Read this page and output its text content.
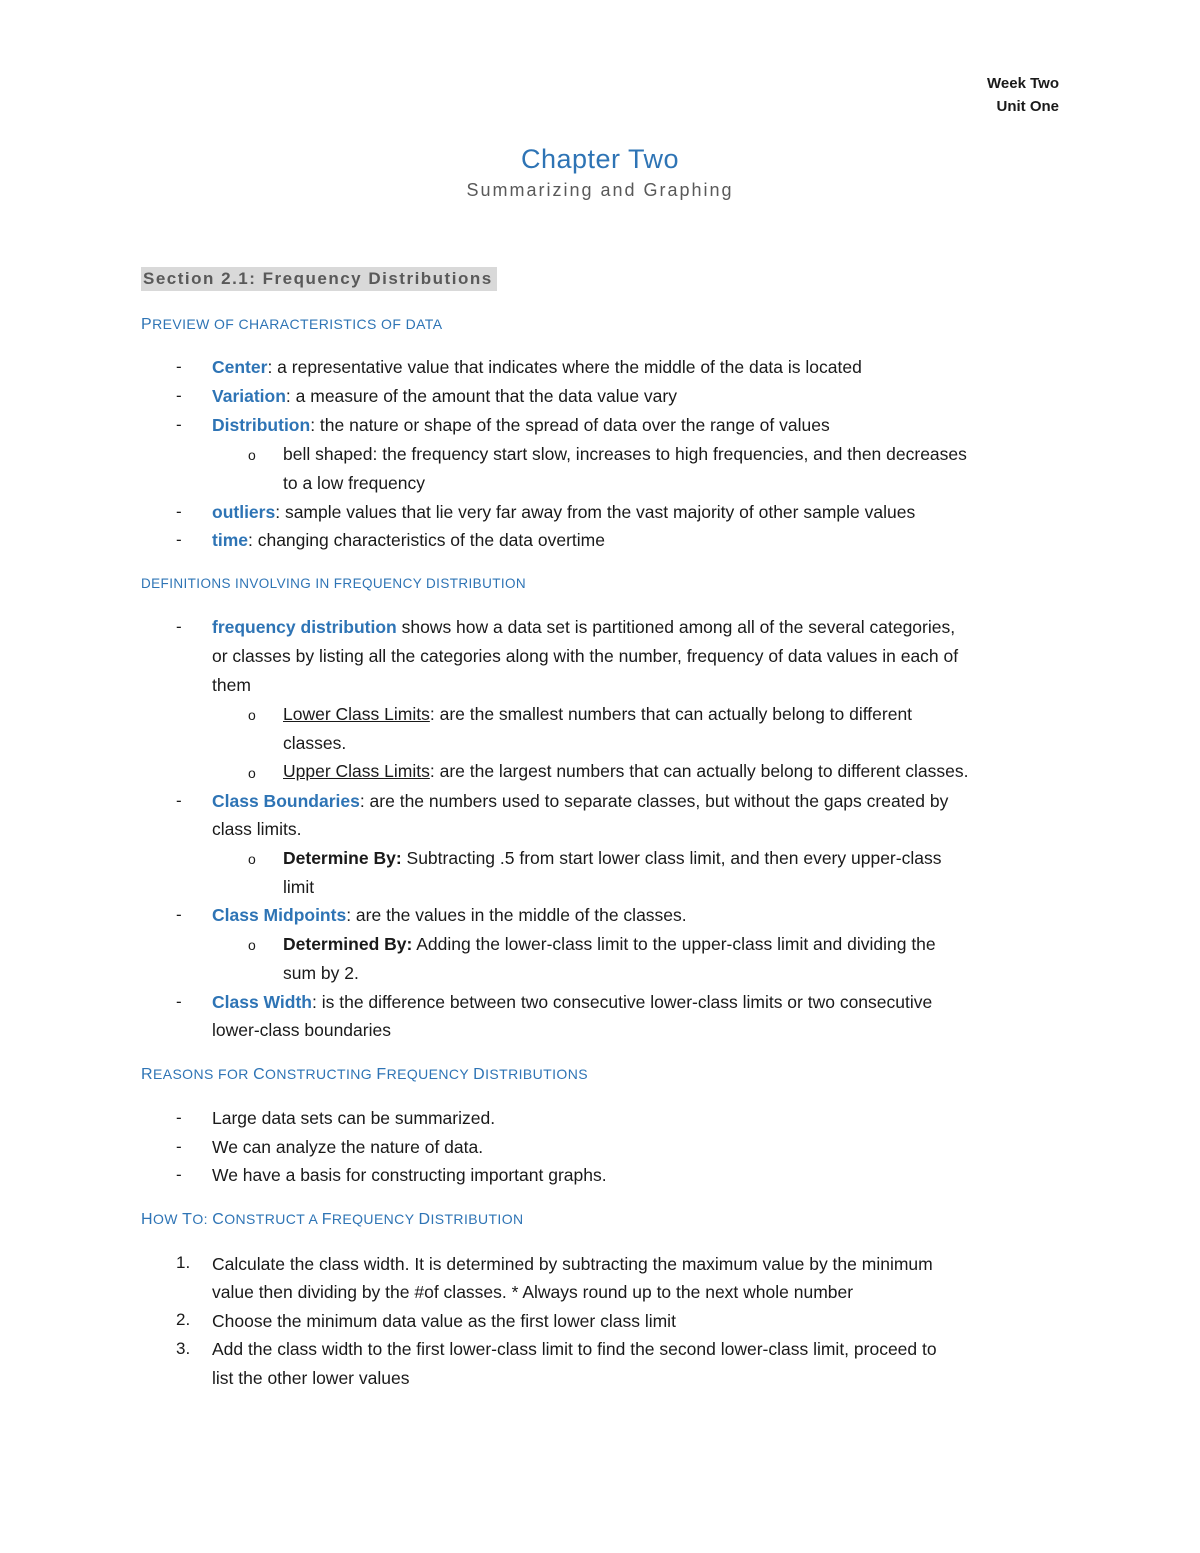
Week Two
Unit One
Chapter Two
Summarizing and Graphing
Section 2.1: Frequency Distributions
PREVIEW OF CHARACTERISTICS OF DATA
- Center: a representative value that indicates where the middle of the data is located
- Variation: a measure of the amount that the data value vary
- Distribution: the nature or shape of the spread of data over the range of values
o bell shaped: the frequency start slow, increases to high frequencies, and then decreases
to a low frequency
- outliers: sample values that lie very far away from the vast majority of other sample values
- time: changing characteristics of the data overtime
DEFINITIONS INVOLVING IN FREQUENCY DISTRIBUTION
- frequency distribution shows how a data set is partitioned among all of the several categories,
or classes by listing all the categories along with the number, frequency of data values in each of
them
o Lower Class Limits: are the smallest numbers that can actually belong to different
classes.
o Upper Class Limits: are the largest numbers that can actually belong to different classes.
- Class Boundaries: are the numbers used to separate classes, but without the gaps created by
class limits.
o Determine By: Subtracting .5 from start lower class limit, and then every upper-class
limit
- Class Midpoints: are the values in the middle of the classes.
o Determined By: Adding the lower-class limit to the upper-class limit and dividing the
sum by 2.
- Class Width: is the difference between two consecutive lower-class limits or two consecutive
lower-class boundaries
REASONS FOR CONSTRUCTING FREQUENCY DISTRIBUTIONS
- Large data sets can be summarized.
- We can analyze the nature of data.
- We have a basis for constructing important graphs.
HOW TO: CONSTRUCT A FREQUENCY DISTRIBUTION
1. Calculate the class width. It is determined by subtracting the maximum value by the minimum
value then dividing by the #of classes. * Always round up to the next whole number
2. Choose the minimum data value as the first lower class limit
3. Add the class width to the first lower-class limit to find the second lower-class limit, proceed to
list the other lower values
